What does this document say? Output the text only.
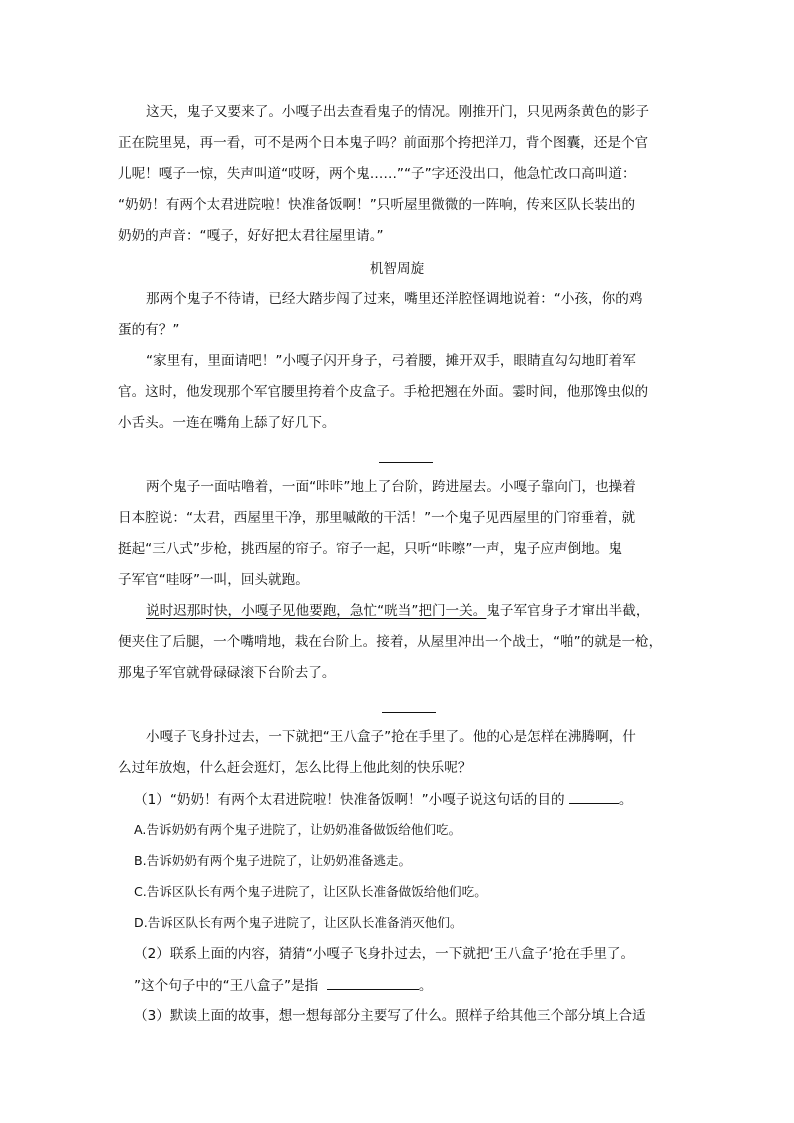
这天，鬼子又要来了。小嘎子出去查看鬼子的情况。刚推开门，只见两条黄色的影子
正在院里晃，再一看，可不是两个日本鬼子吗？前面那个挎把洋刀，背个图囊，还是个官
儿呢！嘎子一惊，失声叫道“哎呀，两个鬼……”“子”字还没出口，他急忙改口高叫道：
“奶奶！有两个太君进院啦！快准备饭啊！”只听屋里微微的一阵响，传来区队长装出的
奶奶的声音：“嘎子，好好把太君往屋里请。”
机智周旋
那两个鬼子不待请，已经大踏步闯了过来，嘴里还洋腔怪调地说着：“小孩，你的鸡
蛋的有？”
“家里有，里面请吧！”小嘎子闪开身子，弓着腰，摊开双手，眼睛直勾勾地盯着军
官。这时，他发现那个军官腰里挎着个皮盒子。手枪把翘在外面。霎时间，他那馋虫似的
小舌头。一连在嘴角上舔了好几下。
两个鬼子一面咕噜着，一面“咔咔”地上了台阶，跨进屋去。小嘎子靠向门，也操着
日本腔说：“太君，西屋里干净，那里嘁敞的干活！”一个鬼子见西屋里的门帘垂着，就
挺起“三八式”步枪，挑西屋的帘子。帘子一起，只听“咔嚓”一声，鬼子应声倒地。鬼
子军官“哇呀”一叫，回头就跑。
说时迟那时快，小嘎子见他要跑，急忙“咣当”把门一关。鬼子军官身子才窜出半截，
便夹住了后腿，一个嘴啃地，栽在台阶上。接着，从屋里冲出一个战士，“啪”的就是一枪，
那鬼子军官就骨碌碌滚下台阶去了。
小嘎子飞身扑过去，一下就把“王八盒子”抢在手里了。他的心是怎样在沸腾啊，什
么过年放炮，什么赶会逛灯，怎么比得上他此刻的快乐呢？
（1）“奶奶！有两个太君进院啦！快准备饭啊！”小嘎子说这句话的目的	。
A.告诉奶奶有两个鬼子进院了，让奶奶准备做饭给他们吃。
B.告诉奶奶有两个鬼子进院了，让奶奶准备逃走。
C.告诉区队长有两个鬼子进院了，让区队长准备做饭给他们吃。
D.告诉区队长有两个鬼子进院了，让区队长准备消灭他们。
（2）联系上面的内容，猜猜“小嘎子飞身扑过去，一下就把‘王八盒子’抢在手里了。
”这个句子中的“王八盒子”是指	。
（3）默读上面的故事，想一想每部分主要写了什么。照样子给其他三个部分填上合适
